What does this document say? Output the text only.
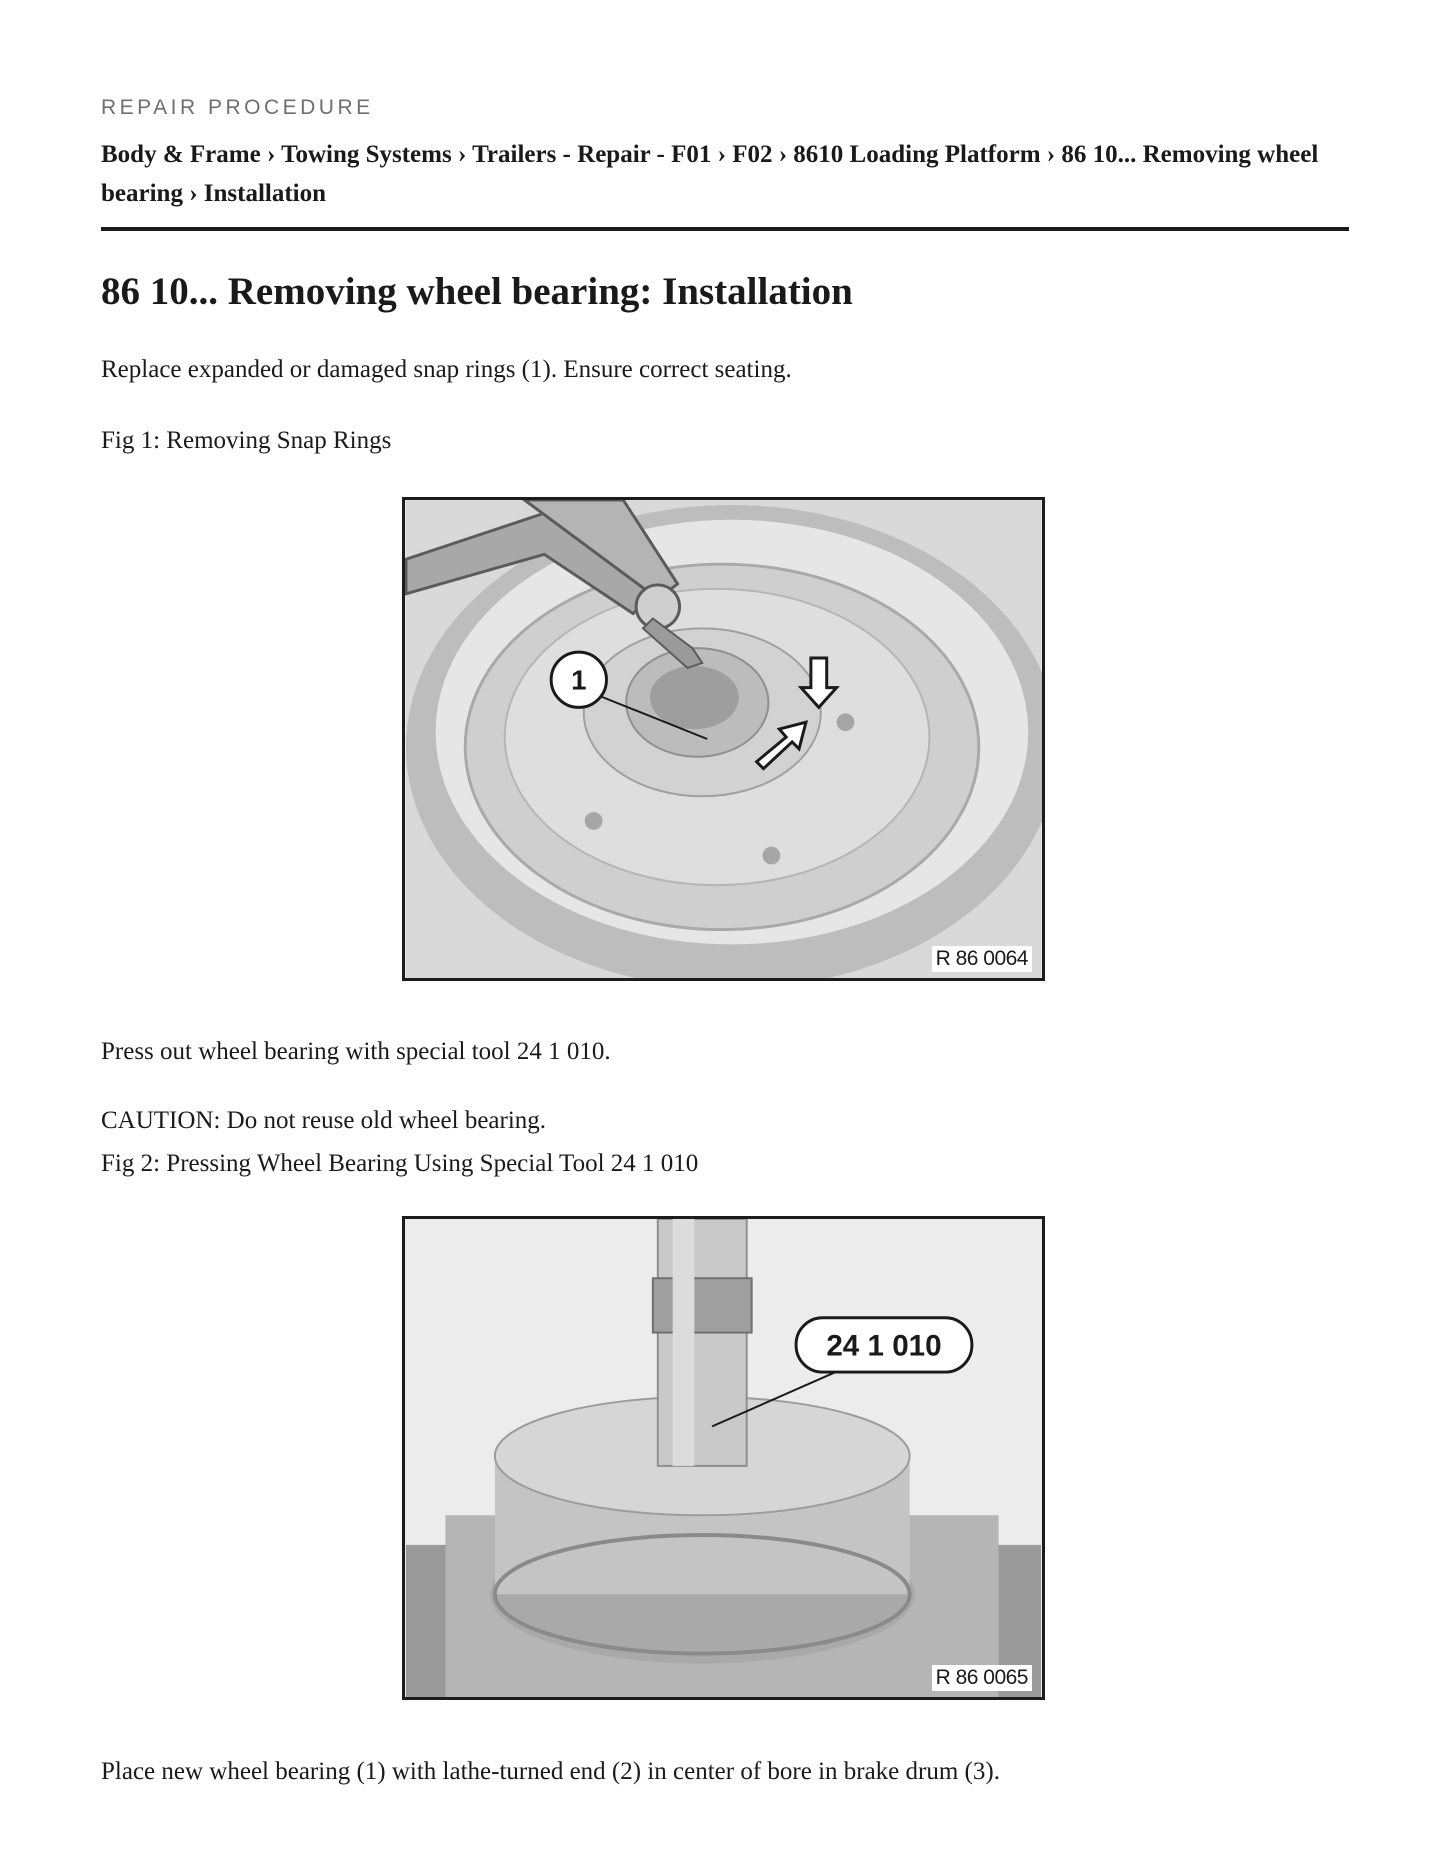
REPAIR PROCEDURE
Body & Frame › Towing Systems › Trailers - Repair - F01 › F02 › 8610 Loading Platform › 86 10... Removing wheel bearing › Installation
86 10... Removing wheel bearing: Installation

Replace expanded or damaged snap rings (1). Ensure correct seating.

Fig 1: Removing Snap Rings

1
R 86 0064

Press out wheel bearing with special tool 24 1 010.

CAUTION: Do not reuse old wheel bearing.

Fig 2: Pressing Wheel Bearing Using Special Tool 24 1 010

24 1 010
R 86 0065

Place new wheel bearing (1) with lathe-turned end (2) in center of bore in brake drum (3).
